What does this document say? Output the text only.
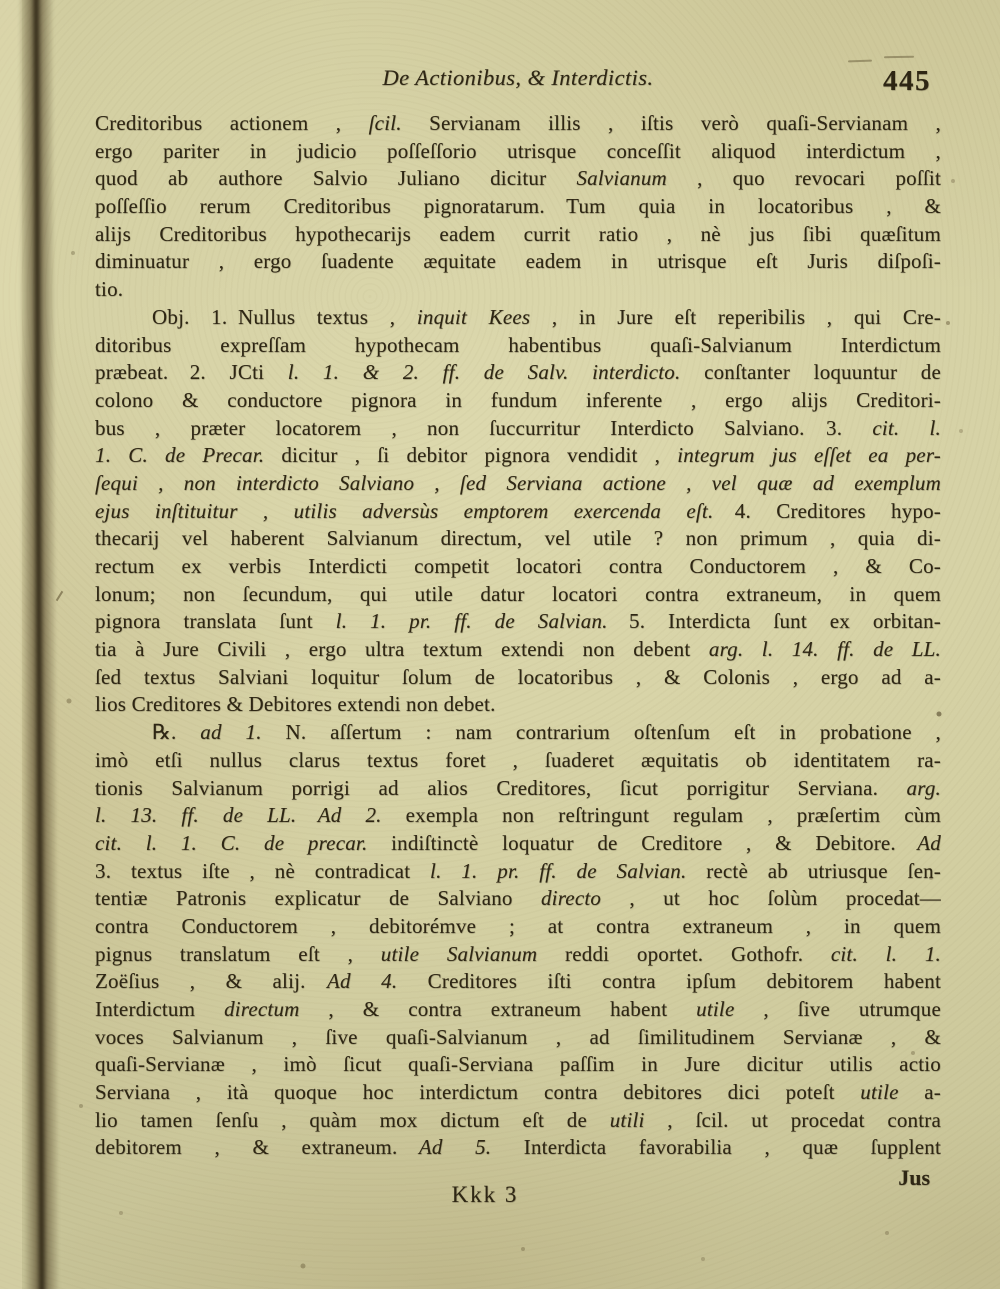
De Actionibus, & Interdictis.	445
Creditoribus actionem , ſcil. Servianam illis , iſtis verò quaſi-Servianam ,
ergo pariter in judicio poſſeſſorio utrisque conceſſit aliquod interdictum ,
quod ab authore Salvio Juliano dicitur Salvianum , quo revocari poſſit
poſſeſſio rerum Creditoribus pignoratarum.  Tum quia in locatoribus , &
alijs Creditoribus hypothecarijs eadem currit ratio , nè jus ſibi quæſitum
diminuatur , ergo ſuadente æquitate eadem in utrisque eſt Juris diſpoſi-
tio.
Obj. 1. Nullus textus , inquit Kees , in Jure eſt reperibilis , qui Cre-
ditoribus expreſſam hypothecam habentibus quaſi-Salvianum Interdictum
præbeat.  2. JCti l. 1. & 2. ff. de Salv. interdicto. conſtanter loquuntur de
colono & conductore pignora in fundum inferente , ergo alijs Creditori-
bus , præter locatorem , non ſuccurritur Interdicto Salviano.  3. cit. l.
1. C. de Precar. dicitur , ſi debitor pignora vendidit , integrum jus eſſet ea per-
ſequi , non interdicto Salviano , ſed Serviana actione , vel quæ ad exemplum
ejus inſtituitur , utilis adversùs emptorem exercenda eſt.  4. Creditores hypo-
thecarij vel haberent Salvianum directum, vel utile ? non primum , quia di-
rectum ex verbis Interdicti competit locatori contra Conductorem , & Co-
lonum; non ſecundum, qui utile datur locatori contra extraneum, in quem
pignora translata ſunt l. 1. pr. ff. de Salvian.  5. Interdicta ſunt ex orbitan-
tia à Jure Civili , ergo ultra textum extendi non debent arg. l. 14. ff. de LL.
ſed textus Salviani loquitur ſolum de locatoribus , & Colonis , ergo ad a-
lios Creditores & Debitores extendi non debet.
℞. ad 1. N. aſſertum : nam contrarium oſtenſum eſt in probatione ,
imò etſi nullus clarus textus foret , ſuaderet æquitatis ob identitatem ra-
tionis Salvianum porrigi ad alios Creditores, ſicut porrigitur Serviana. arg.
l. 13. ff. de LL.   Ad 2. exempla non reſtringunt regulam , præſertim cùm
cit. l. 1. C. de precar. indiſtinctè loquatur de Creditore , & Debitore.  Ad
3. textus iſte , nè contradicat l. 1. pr. ff. de Salvian. rectè ab utriusque ſen-
tentiæ Patronis explicatur de Salviano directo , ut hoc ſolùm procedat—
contra Conductorem , debitorémve ; at contra extraneum , in quem
pignus translatum eſt , utile Salvianum reddi oportet. Gothofr. cit. l. 1.
Zoëſius , & alij.  Ad 4. Creditores iſti contra ipſum debitorem habent
Interdictum directum , & contra extraneum habent utile , ſive utrumque
voces Salvianum , ſive quaſi-Salvianum , ad ſimilitudinem Servianæ , &
quaſi-Servianæ , imò ſicut quaſi-Serviana paſſim in Jure dicitur utilis actio
Serviana , ità quoque hoc interdictum contra debitores dici poteſt utile a-
lio tamen ſenſu , quàm mox dictum eſt de utili , ſcil. ut procedat contra
debitorem , & extraneum.  Ad 5. Interdicta favorabilia , quæ ſupplent
Kkk 3
Jus
